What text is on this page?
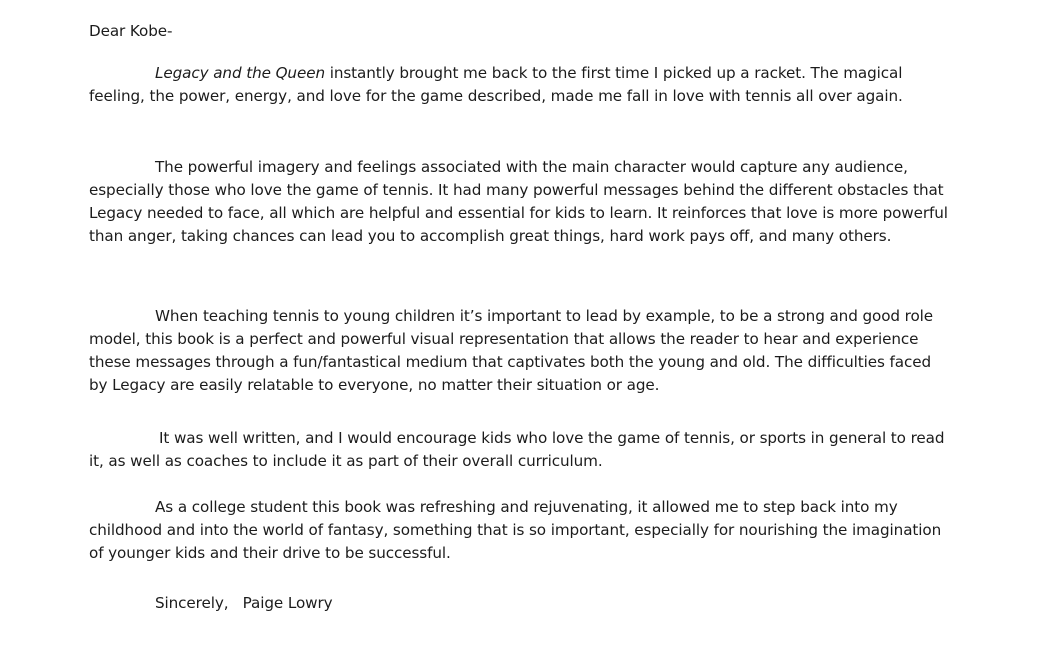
Dear Kobe-

Legacy and the Queen instantly brought me back to the first time I picked up a racket. The magical feeling, the power, energy, and love for the game described, made me fall in love with tennis all over again.

The powerful imagery and feelings associated with the main character would capture any audience, especially those who love the game of tennis. It had many powerful messages behind the different obstacles that Legacy needed to face, all which are helpful and essential for kids to learn. It reinforces that love is more powerful than anger, taking chances can lead you to accomplish great things, hard work pays off, and many others.

When teaching tennis to young children it’s important to lead by example, to be a strong and good role model, this book is a perfect and powerful visual representation that allows the reader to hear and experience these messages through a fun/fantastical medium that captivates both the young and old. The difficulties faced by Legacy are easily relatable to everyone, no matter their situation or age.

It was well written, and I would encourage kids who love the game of tennis, or sports in general to read it, as well as coaches to include it as part of their overall curriculum.

As a college student this book was refreshing and rejuvenating, it allowed me to step back into my childhood and into the world of fantasy, something that is so important, especially for nourishing the imagination of younger kids and their drive to be successful.

Sincerely, Paige Lowry
